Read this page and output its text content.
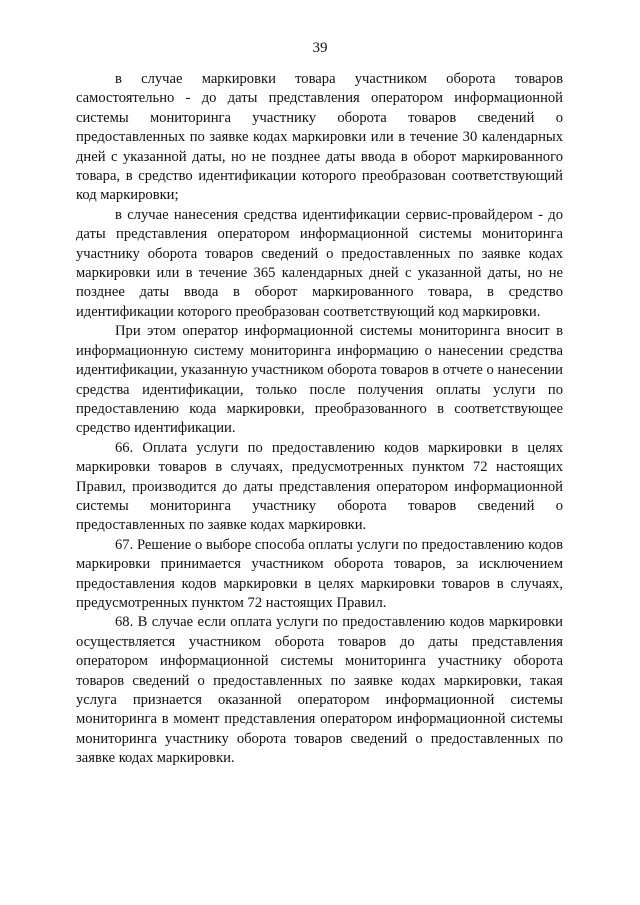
39

в случае маркировки товара участником оборота товаров самостоятельно - до даты представления оператором информационной системы мониторинга участнику оборота товаров сведений о предоставленных по заявке кодах маркировки или в течение 30 календарных дней с указанной даты, но не позднее даты ввода в оборот маркированного товара, в средство идентификации которого преобразован соответствующий код маркировки;

в случае нанесения средства идентификации сервис-провайдером - до даты представления оператором информационной системы мониторинга участнику оборота товаров сведений о предоставленных по заявке кодах маркировки или в течение 365 календарных дней с указанной даты, но не позднее даты ввода в оборот маркированного товара, в средство идентификации которого преобразован соответствующий код маркировки.

При этом оператор информационной системы мониторинга вносит в информационную систему мониторинга информацию о нанесении средства идентификации, указанную участником оборота товаров в отчете о нанесении средства идентификации, только после получения оплаты услуги по предоставлению кода маркировки, преобразованного в соответствующее средство идентификации.

66. Оплата услуги по предоставлению кодов маркировки в целях маркировки товаров в случаях, предусмотренных пунктом 72 настоящих Правил, производится до даты представления оператором информационной системы мониторинга участнику оборота товаров сведений о предоставленных по заявке кодах маркировки.

67. Решение о выборе способа оплаты услуги по предоставлению кодов маркировки принимается участником оборота товаров, за исключением предоставления кодов маркировки в целях маркировки товаров в случаях, предусмотренных пунктом 72 настоящих Правил.

68. В случае если оплата услуги по предоставлению кодов маркировки осуществляется участником оборота товаров до даты представления оператором информационной системы мониторинга участнику оборота товаров сведений о предоставленных по заявке кодах маркировки, такая услуга признается оказанной оператором информационной системы мониторинга в момент представления оператором информационной системы мониторинга участнику оборота товаров сведений о предоставленных по заявке кодах маркировки.
